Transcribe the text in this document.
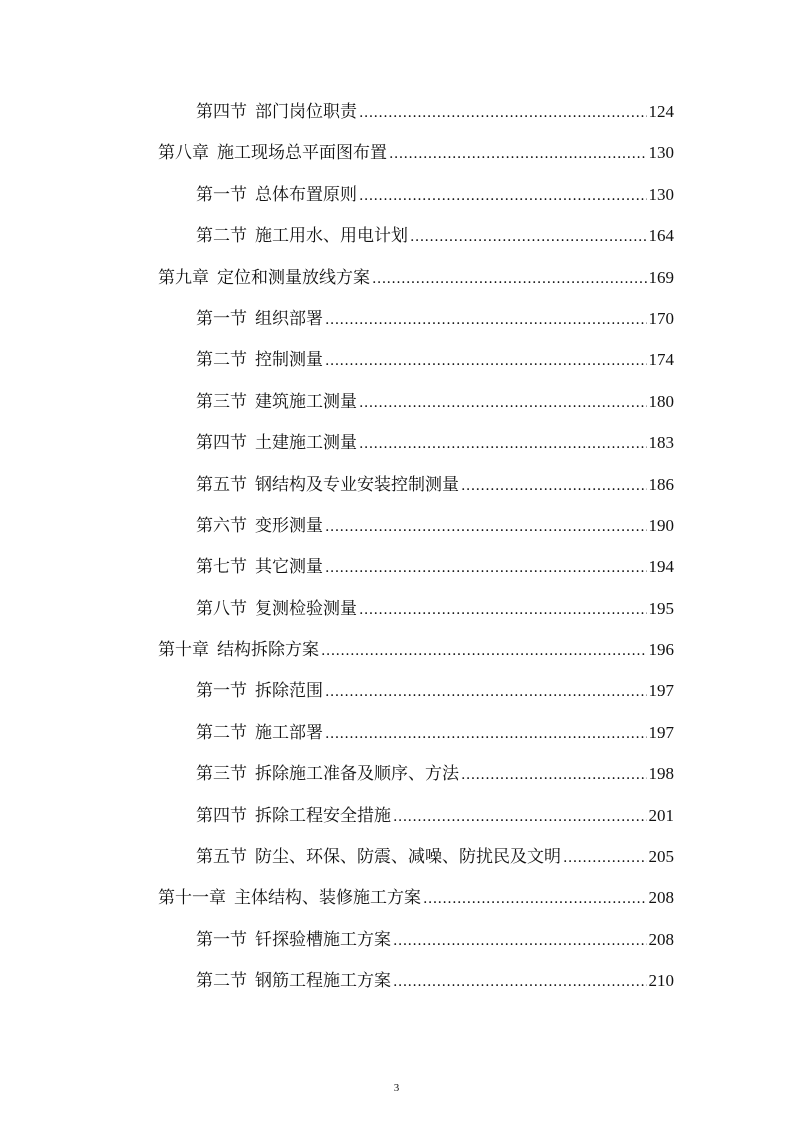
第四节 部门岗位职责 .....	124
第八章 施工现场总平面图布置 .....	130
第一节 总体布置原则 .....	130
第二节 施工用水、用电计划 .....	164
第九章 定位和测量放线方案 .....	169
第一节 组织部署 .....	170
第二节 控制测量 .....	174
第三节 建筑施工测量 .....	180
第四节 土建施工测量 .....	183
第五节 钢结构及专业安装控制测量 .....	186
第六节 变形测量 .....	190
第七节 其它测量 .....	194
第八节 复测检验测量 .....	195
第十章 结构拆除方案 .....	196
第一节 拆除范围 .....	197
第二节 施工部署 .....	197
第三节 拆除施工准备及顺序、方法 .....	198
第四节 拆除工程安全措施 .....	201
第五节 防尘、环保、防震、减噪、防扰民及文明 .....	205
第十一章 主体结构、装修施工方案 .....	208
第一节 钎探验槽施工方案 .....	208
第二节 钢筋工程施工方案 .....	210
3
